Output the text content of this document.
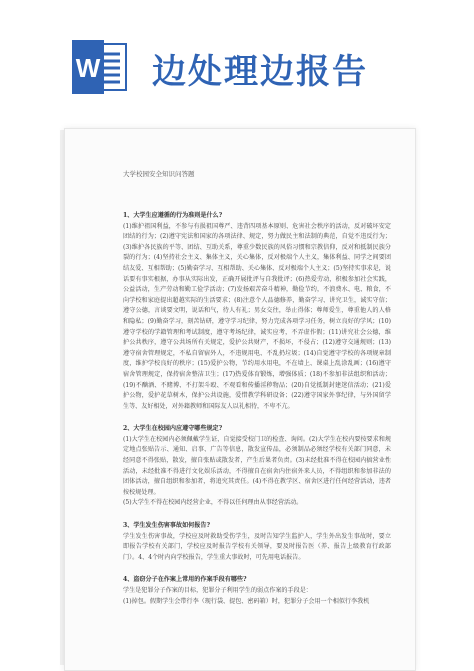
W 边处理边报告
大学校园安全知识问答题

1、大学生应遵循的行为准则是什么?

(1)维护祖国利益，不参与有损祖国尊严、违背四项基本原则、危害社会秩序的活动，反对破坏安定团结的行为；(2)遵守宪法和国家的各项法律、规定，努力做民主和法制的典范，自觉不违反行为；(3)维护各民族的平等、团结、互助关系，尊重少数民族的风俗习惯和宗教信仰，反对和抵制民族分裂的行为；(4)坚持社会主义、集体主义，关心集体，反对极端个人主义，集体利益、同学之间要团结友爱、互相帮助；(5)勤奋学习、互相帮助、关心集体、反对极端个人主义；(5)坚持实事求是，说话要有事实根据，办事从实际出发，正确开展批评与自我批评；(6)热爱劳动，积极参加社会实践，公益活动，生产劳动和勤工俭学活动；(7)发扬艰苦奋斗精神，勤俭节约，不浪费水、电、粮食，不向学校和家庭提出超越实际的生活要求；(8)注意个人品德修养，勤奋学习、讲究卫生，诚实守信；遵守公德，言谈要文明，说话和气，待人有礼；男女交往，举止得体；尊师爱生，尊重他人的人格和隐私；(9)勤奋学习，刻苦钻研，遵守学习纪律，努力完成各项学习任务，树立良好的学风；(10)遵守学校的学籍管理和考试制度，遵守考场纪律，诚实应考，不弄虚作假；(11)讲究社会公德，维护公共秩序，遵守公共场所有关规定，爱护公共财产，不损坏，不侵占；(12)遵守交通规则；(13)遵守宿舍管理规定，不私自留宿外人，不违规用电、不乱扔垃圾；(14)自觉遵守学校的各项规章制度，维护学校良好的秩序；(15)爱护公物，节约用水用电，不在墙上、课桌上乱涂乱画；(16)遵守宿舍管理规定，保持宿舍整洁卫生；(17)热爱体育锻炼，增强体质；(18)不参加非法组织和活动；(19)不酗酒、不赌博、不打架斗殴、不观看和传播淫秽物品；(20)自觉抵制封建迷信活动；(21)爱护公物，爱护花草树木，保护公共设施，爱惜教学科研设备；(22)遵守国家外事纪律，与外国留学生等、友好相处，对外籍教师和国际友人以礼相待，不卑不亢。

2、大学生在校园内应遵守哪些规定?

(1)大学生在校园内必须佩戴学生证，自觉接受校门卫的检查、询问。(2)大学生在校内要按要求和规定地点张贴告示、通知、启事、广告等信息，散发宣传品，必须制品必须经学校有关部门同意，未经同意不得张贴，散发，擅自张贴或散发者，产生后果者负责。(3)未经批准不得在校园内搞营业性活动，未经批准不得进行文化娱乐活动，不得擅自在宿舍内住宿外来人员，不得组织和参加非法的团体活动，擅自组织和参加者，将追究其责任。(4)不得在教学区、宿舍区进行任何经营活动，违者按校规处理。

(5)大学生不得在校园内经营企业，不得以任何理由从事经营活动。

3、学生发生伤害事故如何报告?

学生发生伤害事故，学校应及时救助受伤学生，及时告知学生监护人，学生外出发生事故时，要立即报告学校有关部门，学校应及时报告学校有关领导，要及时报告医（养、报告上级教育行政部门）。4、4个时内向学校报告，学生重大事故时，可先用电话报告。

4、盗窃分子在作案上常用的作案手段有哪些?

学生是犯罪分子作案的目标，犯罪分子利用学生的弱点作案的手段是：

(1)掉包。假期学生会带行李（现行袋、提包、密码箱）时，犯罪分子会用一个相似行李我机
